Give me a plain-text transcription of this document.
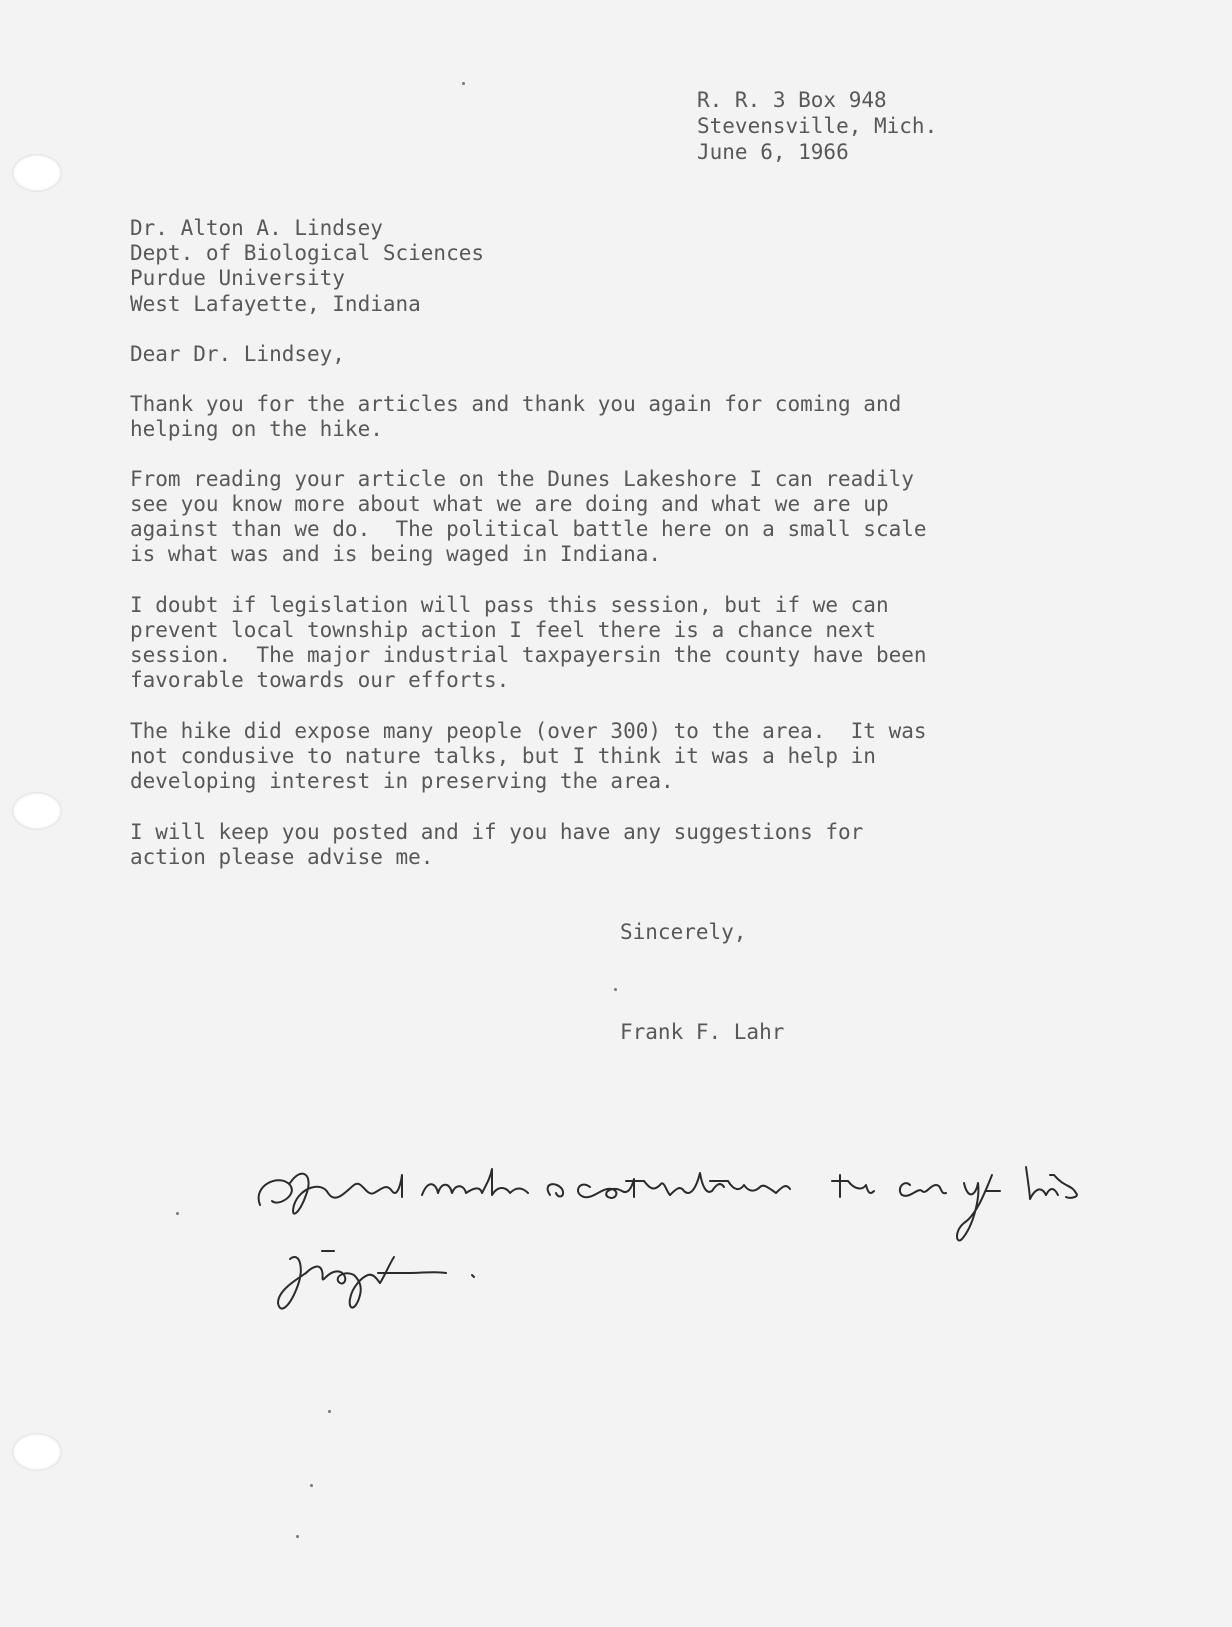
R. R. 3 Box 948

Stevensville, Mich.

June 6, 1966

Dr. Alton A. Lindsey

Dept. of Biological Sciences

Purdue University

West Lafayette, Indiana

Dear Dr. Lindsey,

Thank you for the articles and thank you again for coming and

helping on the hike.

From reading your article on the Dunes Lakeshore I can readily

see you know more about what we are doing and what we are up

against than we do.  The political battle here on a small scale

is what was and is being waged in Indiana.

I doubt if legislation will pass this session, but if we can

prevent local township action I feel there is a chance next

session.  The major industrial taxpayersin the county have been

favorable towards our efforts.

The hike did expose many people (over 300) to the area.  It was

not condusive to nature talks, but I think it was a help in

developing interest in preserving the area.

I will keep you posted and if you have any suggestions for

action please advise me.

Sincerely,

Frank F. Lahr
